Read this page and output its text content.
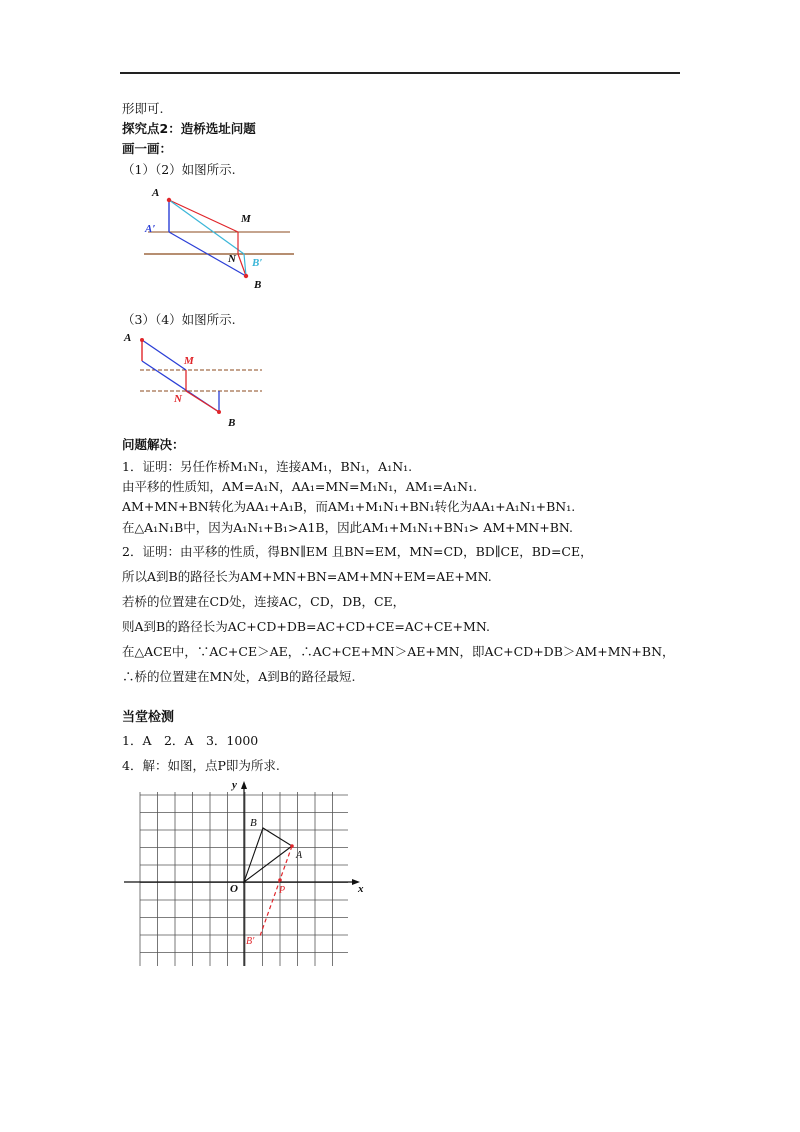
形即可.
探究点2：造桥选址问题
画一画：
（1）（2）如图所示.
A
A′
M
N B′
B
（3）（4）如图所示.
A
M
N
B
问题解决：
1．证明：另任作桥M₁N₁，连接AM₁，BN₁，A₁N₁.
由平移的性质知，AM=A₁N，AA₁=MN=M₁N₁，AM₁=A₁N₁.
AM+MN+BN转化为AA₁+A₁B，而AM₁+M₁N₁+BN₁转化为AA₁+A₁N₁+BN₁.
在△A₁N₁B中，因为A₁N₁+B₁>A1B，因此AM₁+M₁N₁+BN₁> AM+MN+BN.
2．证明：由平移的性质，得BN∥EM 且BN=EM，MN=CD，BD∥CE，BD=CE，
所以A到B的路径长为AM+MN+BN=AM+MN+EM=AE+MN.
若桥的位置建在CD处，连接AC，CD，DB，CE，
则A到B的路径长为AC+CD+DB=AC+CD+CE=AC+CE+MN.
在△ACE中，∵AC+CE＞AE，∴AC+CE+MN＞AE+MN，即AC+CD+DB＞AM+MN+BN，
∴桥的位置建在MN处，A到B的路径最短.
当堂检测
1．A　2．A　3．1000
4．解：如图，点P即为所求.
y
x
O
B
A
P
B′
